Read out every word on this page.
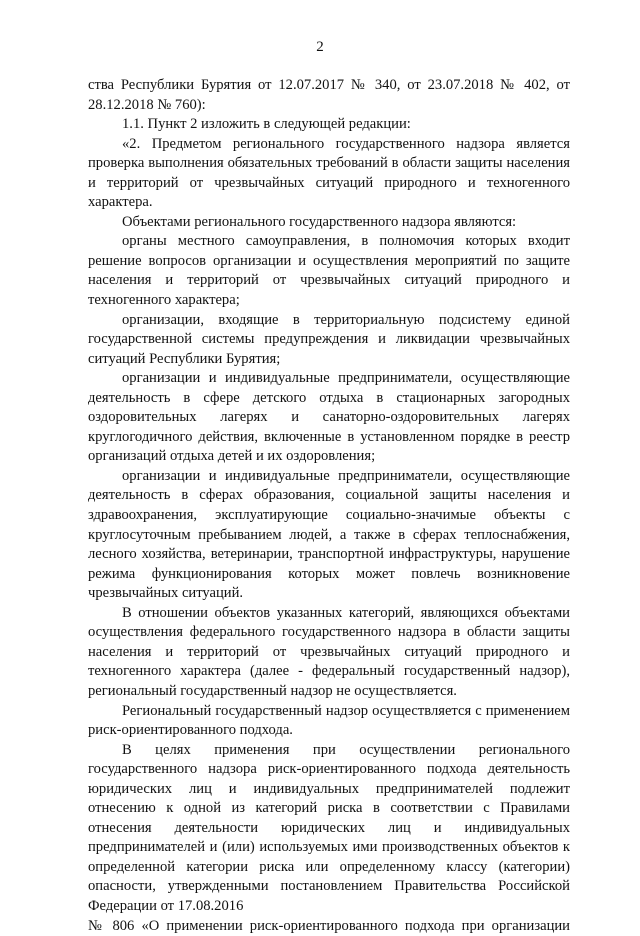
2

ства Республики Бурятия от 12.07.2017 № 340, от 23.07.2018 № 402, от 28.12.2018 № 760):

1.1. Пункт 2 изложить в следующей редакции:

«2. Предметом регионального государственного надзора является проверка выполнения обязательных требований в области защиты населения и территорий от чрезвычайных ситуаций природного и техногенного характера.

Объектами регионального государственного надзора являются:

органы местного самоуправления, в полномочия которых входит решение вопросов организации и осуществления мероприятий по защите населения и территорий от чрезвычайных ситуаций природного и техногенного характера;

организации, входящие в территориальную подсистему единой государственной системы предупреждения и ликвидации чрезвычайных ситуаций Республики Бурятия;

организации и индивидуальные предприниматели, осуществляющие деятельность в сфере детского отдыха в стационарных загородных оздоровительных лагерях и санаторно-оздоровительных лагерях круглогодичного действия, включенные в установленном порядке в реестр организаций отдыха детей и их оздоровления;

организации и индивидуальные предприниматели, осуществляющие деятельность в сферах образования, социальной защиты населения и здравоохранения, эксплуатирующие социально-значимые объекты с круглосуточным пребыванием людей, а также в сферах теплоснабжения, лесного хозяйства, ветеринарии, транспортной инфраструктуры, нарушение режима функционирования которых может повлечь возникновение чрезвычайных ситуаций.

В отношении объектов указанных категорий, являющихся объектами осуществления федерального государственного надзора в области защиты населения и территорий от чрезвычайных ситуаций природного и техногенного характера (далее - федеральный государственный надзор), региональный государственный надзор не осуществляется.

Региональный государственный надзор осуществляется с применением риск-ориентированного подхода.

В целях применения при осуществлении регионального государственного надзора риск-ориентированного подхода деятельность юридических лиц и индивидуальных предпринимателей подлежит отнесению к одной из категорий риска в соответствии с Правилами отнесения деятельности юридических лиц и индивидуальных предпринимателей и (или) используемых ими производственных объектов к определенной категории риска или определенному классу (категории) опасности, утвержденными постановлением Правительства Российской Федерации от 17.08.2016

№ 806 «О применении риск-ориентированного подхода при организации
